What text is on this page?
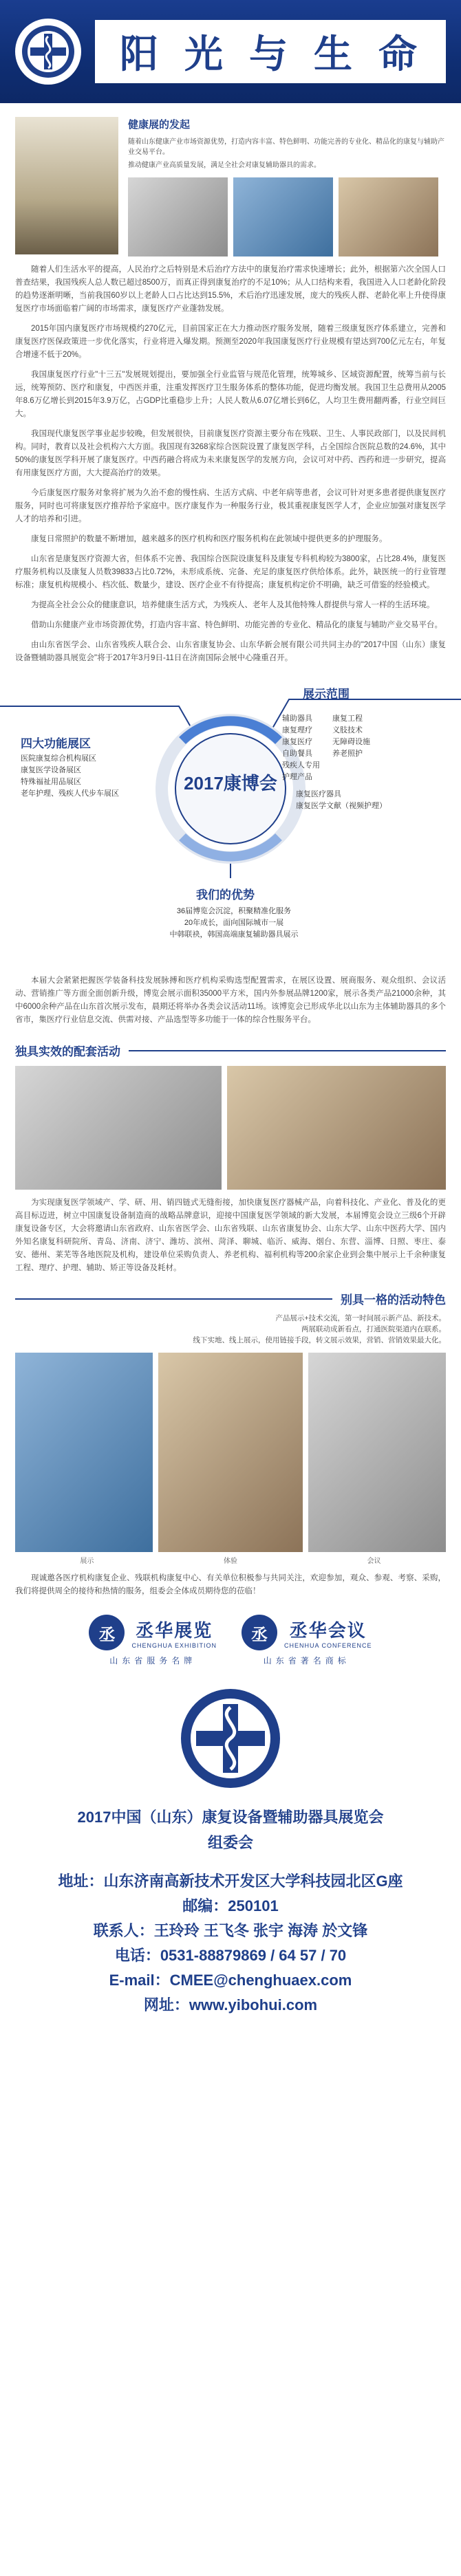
阳 光 与 生 命
健康展的发起
随着山东健康产业市场资源优势，打造内容丰富、特色鲜明、功能完善的专业化、精品化的康复与辅助产业交易平台。
推动健康产业高质量发展，满足全社会对康复辅助器具的需求。

随着人们生活水平的提高，人民治疗之后特别是术后治疗方法中的康复治疗需求快速增长；此外，根据第六次全国人口普查结果，我国残疾人总人数已超过8500万，而真正得到康复治疗的不足10%；从人口结构来看，我国进入人口老龄化阶段的趋势逐渐明晰，当前我国60岁以上老龄人口占比达到15.5%，术后治疗迅速发展，庞大的残疾人群、老龄化率上升使得康复医疗市场面临着广阔的市场需求，康复医疗产业蓬勃发展。

2015年国内康复医疗市场规模约270亿元，目前国家正在大力推动医疗服务发展，随着三级康复医疗体系建立，完善和康复医疗医保政策进一步优化落实，行业将进入爆发期。预测至2020年我国康复医疗行业规模有望达到700亿元左右，年复合增速不低于20%。

我国康复医疗行业"十三五"发展规划提出，要加强全行业监管与规范化管理，统筹城乡、区域资源配置，统筹当前与长远，统筹预防、医疗和康复，中西医并重，注重发挥医疗卫生服务体系的整体功能，促进均衡发展。我国卫生总费用从2005年8.6万亿增长到2015年3.9万亿，占GDP比重稳步上升；人民人数从6.07亿增长到6亿，人均卫生费用翻两番，行业空间巨大。

我国现代康复医学事业起步较晚，但发展很快，目前康复医疗资源主要分布在残联、卫生、人事民政部门，以及民间机构。同时，教育以及社会机构六大方面。我国现有3268家综合医院设置了康复医学科，占全国综合医院总数的24.6%，其中50%的康复医学科开展了康复医疗。中西药融合将成为未来康复医学的发展方向，会议可对中药、西药和进一步研究，提高有用康复医疗方面，大大提高治疗的效果。

今后康复医疗服务对象将扩展为久治不愈的慢性病、生活方式病、中老年病等患者，会议可针对更多患者提供康复医疗服务，同时也可将康复医疗推荐给予家庭中。医疗康复作为一种服务行业，极其重视康复医学人才，企业应加强对康复医学人才的培养和引进。

康复日常照护的数量不断增加，越来越多的医疗机构和医疗服务机构在此领域中提供更多的护理服务。

山东省是康复医疗资源大省，但体系不完善、我国综合医院设康复科及康复专科机构较为3800家，占比28.4%，康复医疗服务机构以及康复人员数39833占比0.72%，未形成系统、完备、充足的康复医疗供给体系。此外，缺医统一的行业管理标准；康复机构规模小、档次低、数量少，建设、医疗企业不有待提高；康复机构定价不明确，缺乏可借鉴的经验模式。

为提高全社会公众的健康意识，培养健康生活方式，为残疾人、老年人及其他特殊人群提供与常人一样的生活环境。

借助山东健康产业市场资源优势，打造内容丰富、特色鲜明、功能完善的专业化、精品化的康复与辅助产业交易平台。

由山东省医学会、山东省残疾人联合会、山东省康复协会、山东华新会展有限公司共同主办的"2017中国（山东）康复设备暨辅助器具展览会"将于2017年3月9日-11日在济南国际会展中心隆重召开。

2017康博会
四大功能展区
医院康复综合机构展区
康复医学设备展区
特殊福祉用品展区
老年护理、残疾人代步车展区
展示范围
辅助器具
康复理疗
康复医疗
自助餐具
残疾人专用
护理产品
康复工程
义肢技术
无障碍设施
养老照护
康复医疗器具
康复医学文献（视频护理）
我们的优势
36届博览会沉淀，积聚精准化服务
20年成长，面向国际城市一展
中韩联袂，韩国高端康复辅助器具展示

本届大会紧紧把握医学装备科技发展脉搏和医疗机构采购选型配置需求，在展区设置、展商服务、观众组织、会议活动、营销推广等方面全面创新升级，博览会展示面积35000平方米，国内外参展品牌1200家，展示各类产品21000余种，其中6000余种产品在山东首次展示发布，晨期还将举办各类会议活动11场。该博览会已形成华北以山东为主体辅助器具的多个省市，集医疗行业信息交流、供需对接、产品选型等多功能于一体的综合性服务平台。

独具实效的配套活动

为实现康复医学领域产、学、研、用、销四链式无缝衔接，加快康复医疗器械产品，向着科技化、产业化、普及化的更高目标迈进，树立中国康复设备制造商的战略品牌意识，迎接中国康复医学领域的新大发展，本届博览会设立三级6个开辟康复设备专区，大会将邀请山东省政府、山东省医学会、山东省残联、山东省康复协会、山东大学、山东中医药大学、国内外知名康复科研院所、青岛、济南、济宁、潍坊、滨州、菏泽、聊城、临沂、威海、烟台、东营、淄博、日照、枣庄、泰安、德州、莱芜等各地医院及机构，建设单位采购负责人、养老机构、福利机构等200余家企业到会集中展示上千余种康复工程、理疗、护理、辅助、矫正等设备及耗材。

别具一格的活动特色
产品展示+技术交流，第一时间展示新产品、新技术。
两展联动成新看点，打通医院渠道内在联系。
线下实地、线上展示，使用链接手段，转文展示效果，营销、营销效果最大化。
展示	体验	会议

现诚邀各医疗机构康复企业、残联机构康复中心、有关单位积极参与共同关注，欢迎参加，观众、参观、考察、采购，我们将提供周全的接待和热情的服务，组委会全体成员期待您的莅临！

丞	丞华展览
CHENGHUA EXHIBITION
山东省服务名牌
丞	丞华会议
CHENHUA CONFERENCE
山东省著名商标
2017中国（山东）康复设备暨辅助器具展览会
组委会
地址：山东济南高新技术开发区大学科技园北区G座
邮编：250101
联系人：王玲玲 王飞冬 张宇 海涛 於文锋
电话：0531-88879869 / 64 57 / 70
E-mail：CMEE@chenghuaex.com
网址：www.yibohui.com
